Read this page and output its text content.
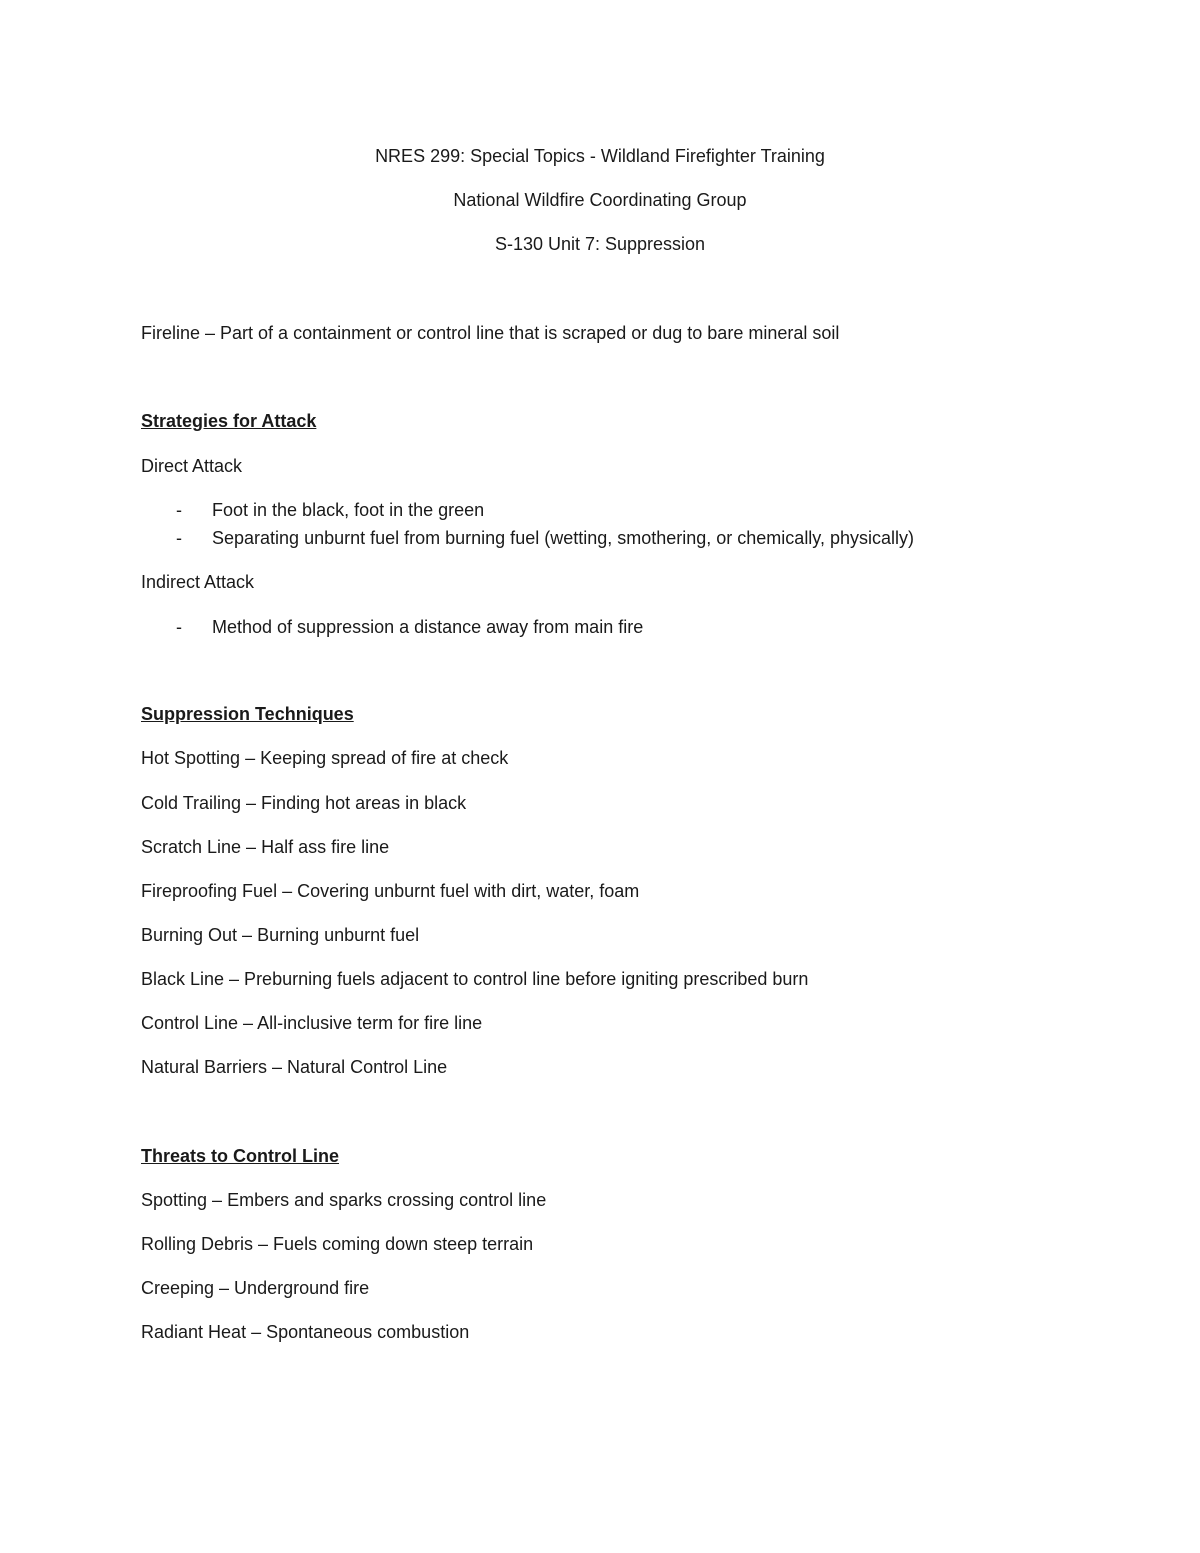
NRES 299: Special Topics - Wildland Firefighter Training
National Wildfire Coordinating Group
S-130 Unit 7: Suppression
Fireline – Part of a containment or control line that is scraped or dug to bare mineral soil
Strategies for Attack
Direct Attack
- Foot in the black, foot in the green
- Separating unburnt fuel from burning fuel (wetting, smothering, or chemically, physically)
Indirect Attack
- Method of suppression a distance away from main fire
Suppression Techniques
Hot Spotting – Keeping spread of fire at check
Cold Trailing – Finding hot areas in black
Scratch Line – Half ass fire line
Fireproofing Fuel – Covering unburnt fuel with dirt, water, foam
Burning Out – Burning unburnt fuel
Black Line – Preburning fuels adjacent to control line before igniting prescribed burn
Control Line – All-inclusive term for fire line
Natural Barriers – Natural Control Line
Threats to Control Line
Spotting – Embers and sparks crossing control line
Rolling Debris – Fuels coming down steep terrain
Creeping – Underground fire
Radiant Heat – Spontaneous combustion
